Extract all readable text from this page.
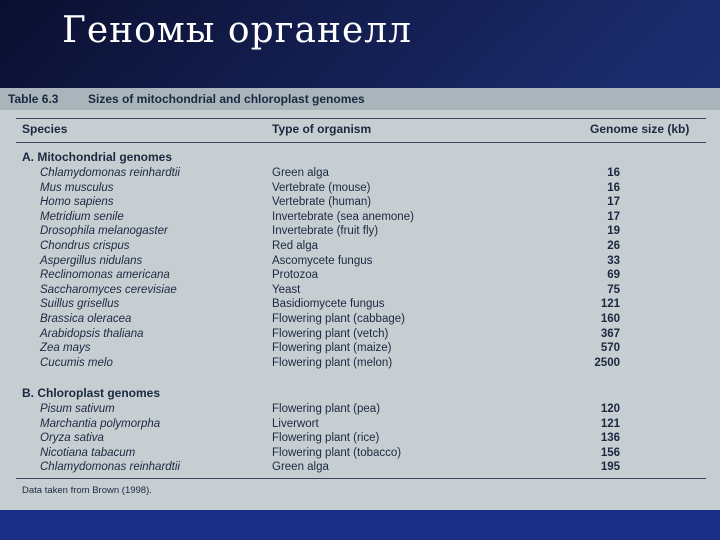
Геномы органелл
Table 6.3 Sizes of mitochondrial and chloroplast genomes
Species	Type of organism	Genome size (kb)
A. Mitochondrial genomes
Chlamydomonas reinhardtii	Green alga	16
Mus musculus	Vertebrate (mouse)	16
Homo sapiens	Vertebrate (human)	17
Metridium senile	Invertebrate (sea anemone)	17
Drosophila melanogaster	Invertebrate (fruit fly)	19
Chondrus crispus	Red alga	26
Aspergillus nidulans	Ascomycete fungus	33
Reclinomonas americana	Protozoa	69
Saccharomyces cerevisiae	Yeast	75
Suillus grisellus	Basidiomycete fungus	121
Brassica oleracea	Flowering plant (cabbage)	160
Arabidopsis thaliana	Flowering plant (vetch)	367
Zea mays	Flowering plant (maize)	570
Cucumis melo	Flowering plant (melon)	2500
B. Chloroplast genomes
Pisum sativum	Flowering plant (pea)	120
Marchantia polymorpha	Liverwort	121
Oryza sativa	Flowering plant (rice)	136
Nicotiana tabacum	Flowering plant (tobacco)	156
Chlamydomonas reinhardtii	Green alga	195
Data taken from Brown (1998).
